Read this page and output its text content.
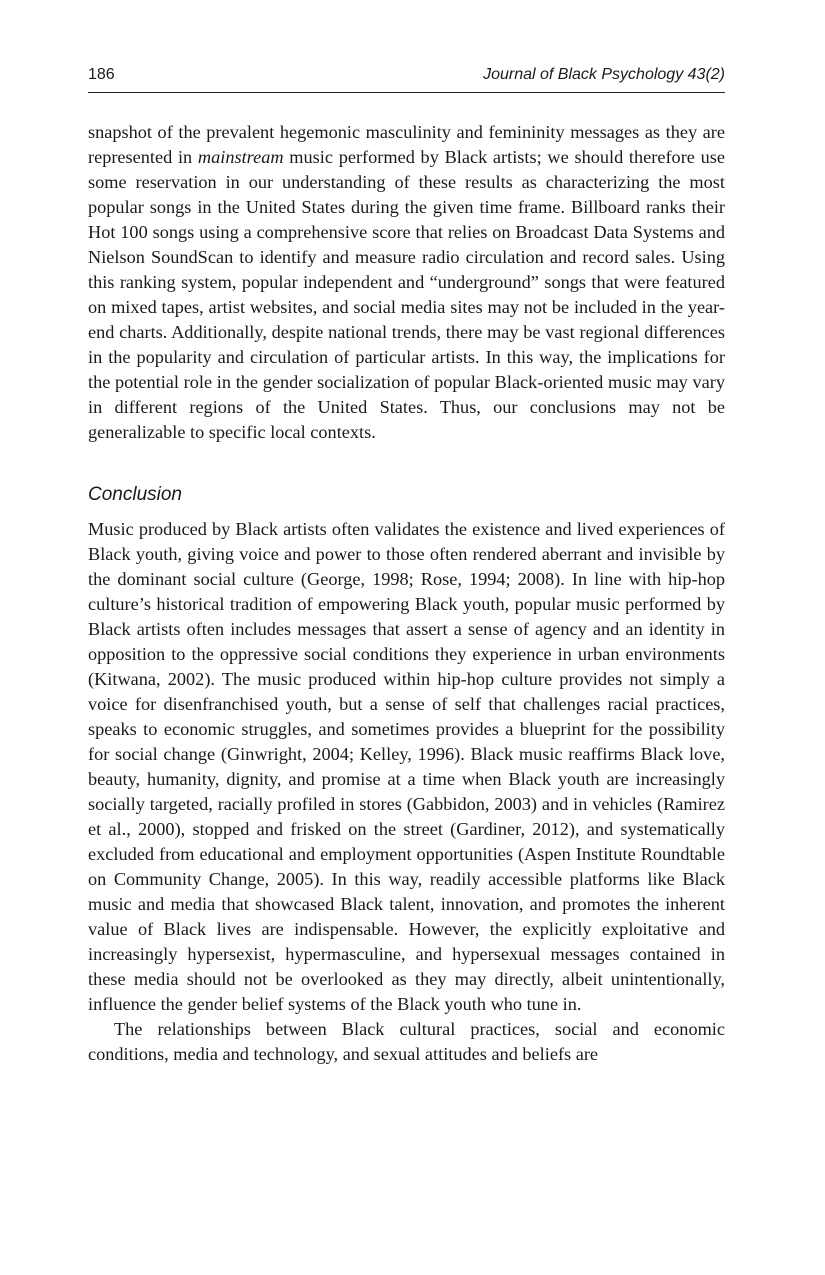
186	Journal of Black Psychology 43(2)

snapshot of the prevalent hegemonic masculinity and femininity messages as they are represented in mainstream music performed by Black artists; we should therefore use some reservation in our understanding of these results as characterizing the most popular songs in the United States during the given time frame. Billboard ranks their Hot 100 songs using a comprehensive score that relies on Broadcast Data Systems and Nielson SoundScan to identify and measure radio circulation and record sales. Using this ranking system, popular independent and “underground” songs that were featured on mixed tapes, artist websites, and social media sites may not be included in the year-end charts. Additionally, despite national trends, there may be vast regional differences in the popularity and circulation of particular artists. In this way, the implications for the potential role in the gender socialization of popular Black-oriented music may vary in different regions of the United States. Thus, our conclusions may not be generalizable to specific local contexts.

Conclusion

Music produced by Black artists often validates the existence and lived experiences of Black youth, giving voice and power to those often rendered aberrant and invisible by the dominant social culture (George, 1998; Rose, 1994; 2008). In line with hip-hop culture’s historical tradition of empowering Black youth, popular music performed by Black artists often includes messages that assert a sense of agency and an identity in opposition to the oppressive social conditions they experience in urban environments (Kitwana, 2002). The music produced within hip-hop culture provides not simply a voice for disenfranchised youth, but a sense of self that challenges racial practices, speaks to economic struggles, and sometimes provides a blueprint for the possibility for social change (Ginwright, 2004; Kelley, 1996). Black music reaffirms Black love, beauty, humanity, dignity, and promise at a time when Black youth are increasingly socially targeted, racially profiled in stores (Gabbidon, 2003) and in vehicles (Ramirez et al., 2000), stopped and frisked on the street (Gardiner, 2012), and systematically excluded from educational and employment opportunities (Aspen Institute Roundtable on Community Change, 2005). In this way, readily accessible platforms like Black music and media that showcased Black talent, innovation, and promotes the inherent value of Black lives are indispensable. However, the explicitly exploitative and increasingly hypersexist, hypermasculine, and hypersexual messages contained in these media should not be overlooked as they may directly, albeit unintentionally, influence the gender belief systems of the Black youth who tune in.

The relationships between Black cultural practices, social and economic conditions, media and technology, and sexual attitudes and beliefs are
